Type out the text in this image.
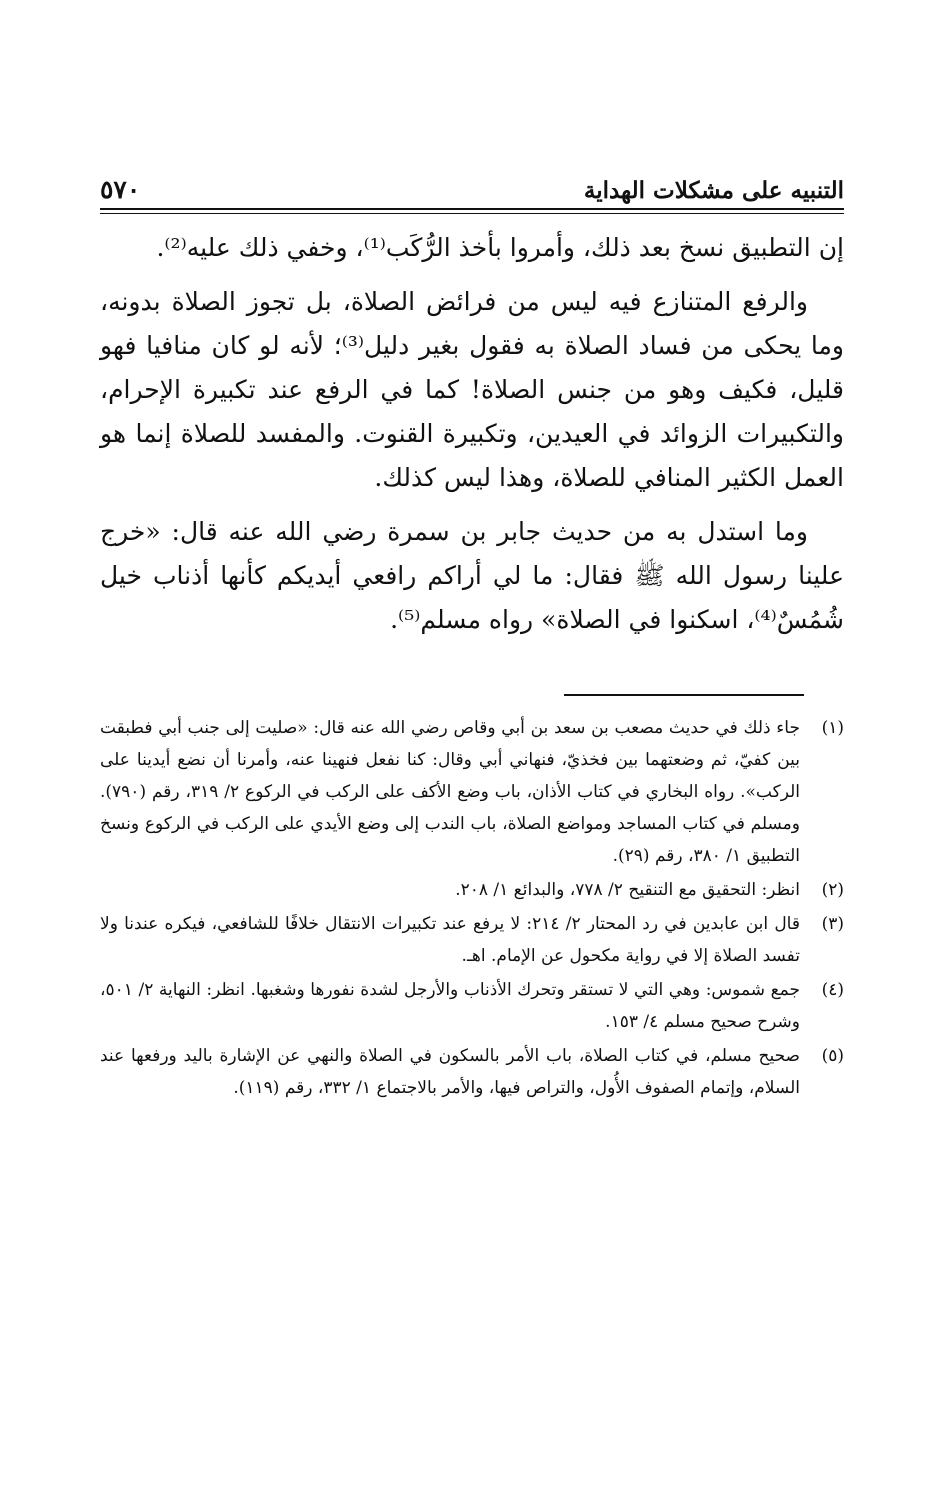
التنبيه على مشكلات الهداية
٥٧٠

إن التطبيق نسخ بعد ذلك، وأمروا بأخذ الرُّكَب⁽¹⁾، وخفي ذلك عليه⁽²⁾.

والرفع المتنازع فيه ليس من فرائض الصلاة، بل تجوز الصلاة بدونه، وما يحكى من فساد الصلاة به فقول بغير دليل⁽³⁾؛ لأنه لو كان منافيا فهو قليل، فكيف وهو من جنس الصلاة! كما في الرفع عند تكبيرة الإحرام، والتكبيرات الزوائد في العيدين، وتكبيرة القنوت. والمفسد للصلاة إنما هو العمل الكثير المنافي للصلاة، وهذا ليس كذلك.

وما استدل به من حديث جابر بن سمرة رضي الله عنه قال: «خرج علينا رسول الله ﷺ فقال: ما لي أراكم رافعي أيديكم كأنها أذناب خيل شُمُسٌ⁽⁴⁾، اسكنوا في الصلاة» رواه مسلم⁽⁵⁾.

(١)
جاء ذلك في حديث مصعب بن سعد بن أبي وقاص رضي الله عنه قال: «صليت إلى جنب أبي فطبقت بين كفيّ، ثم وضعتهما بين فخذيّ، فنهاني أبي وقال: كنا نفعل فنهينا عنه، وأمرنا أن نضع أيدينا على الركب». رواه البخاري في كتاب الأذان، باب وضع الأكف على الركب في الركوع ٢/ ٣١٩، رقم (٧٩٠). ومسلم في كتاب المساجد ومواضع الصلاة، باب الندب إلى وضع الأيدي على الركب في الركوع ونسخ التطبيق ١/ ٣٨٠، رقم (٢٩).
(٢)
انظر: التحقيق مع التنقيح ٢/ ٧٧٨، والبدائع ١/ ٢٠٨.
(٣)
قال ابن عابدين في رد المحتار ٢/ ٢١٤: لا يرفع عند تكبيرات الانتقال خلافًا للشافعي، فيكره عندنا ولا تفسد الصلاة إلا في رواية مكحول عن الإمام. اهـ.
(٤)
جمع شموس: وهي التي لا تستقر وتحرك الأذناب والأرجل لشدة نفورها وشغبها. انظر: النهاية ٢/ ٥٠١، وشرح صحيح مسلم ٤/ ١٥٣.
(٥)
صحيح مسلم، في كتاب الصلاة، باب الأمر بالسكون في الصلاة والنهي عن الإشارة باليد ورفعها عند السلام، وإتمام الصفوف الأُول، والتراص فيها، والأمر بالاجتماع ١/ ٣٣٢، رقم (١١٩).
